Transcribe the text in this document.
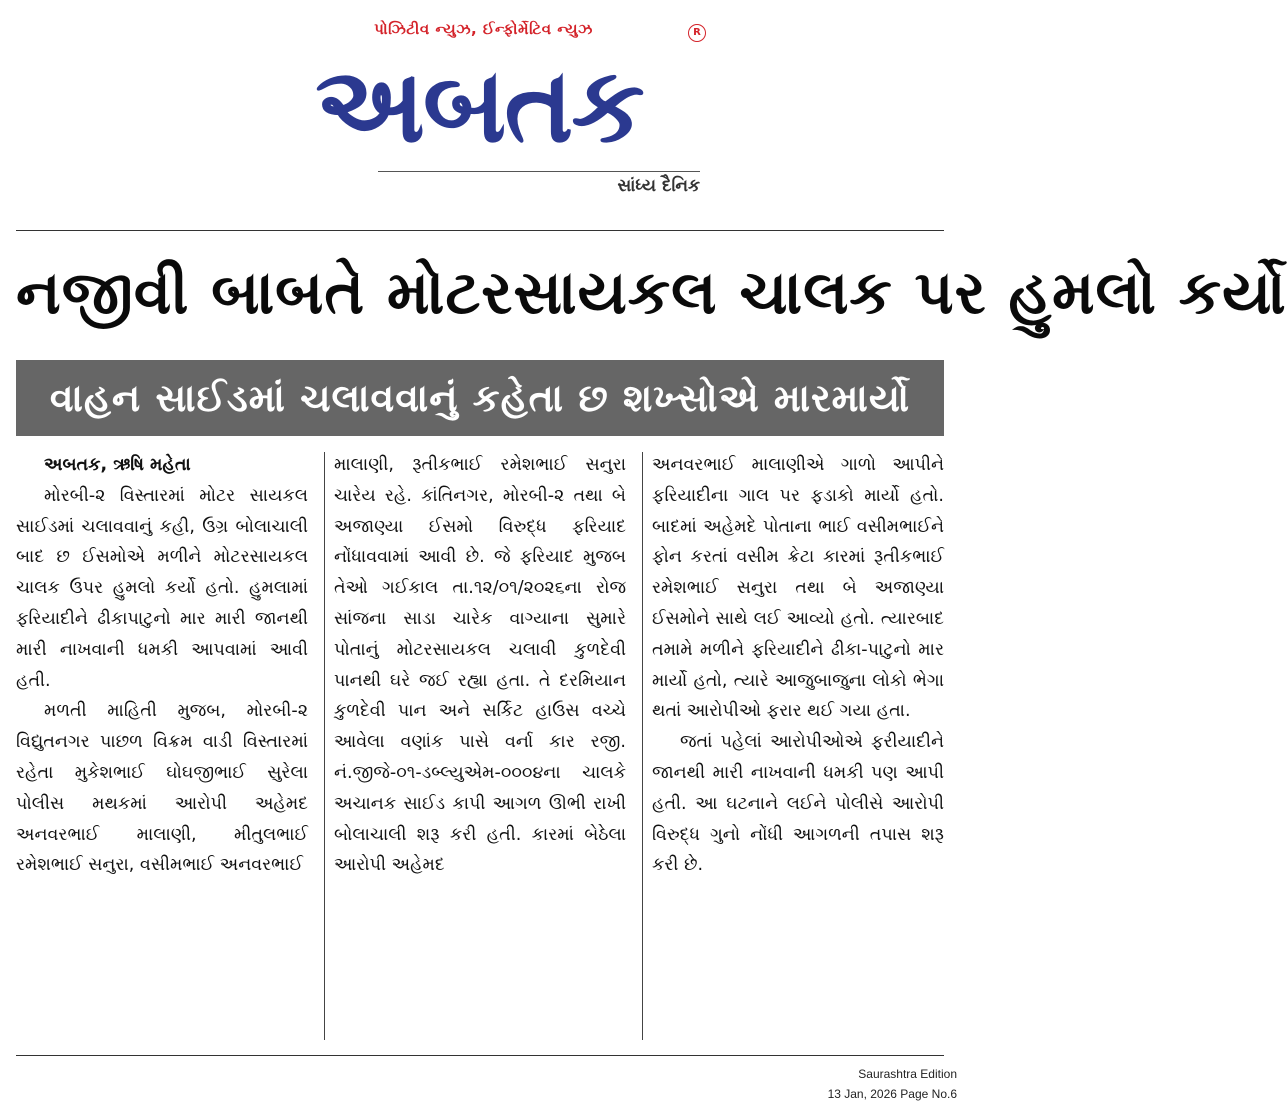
પોઝિટીવ ન્યુઝ, ઈન્ફોર્મેટિવ ન્યુઝ
અબતક
R
સાંધ્ય દૈનિક
નજીવી બાબતે મોટરસાયકલ ચાલક પર હુમલો કર્યો
વાહન સાઈડમાં ચલાવવાનું કહેતા છ શખ્સોએ મારમાર્યો

અબતક, ઋષિ મહેતા

મોરબી-૨ વિસ્તારમાં મોટર સાયકલ સાઈડમાં ચલાવવાનું કહી, ઉગ્ર બોલાચાલી બાદ છ ઈસમોએ મળીને મોટરસાયકલ ચાલક ઉપર હુમલો કર્યો હતો. હુમલામાં ફરિયાદીને ઢીકાપાટુનો માર મારી જાનથી મારી નાખવાની ધમકી આપવામાં આવી હતી.

મળતી માહિતી મુજબ, મોરબી-૨ વિદ્યુતનગર પાછળ વિક્રમ વાડી વિસ્તારમાં રહેતા મુકેશભાઈ ઘોઘજીભાઈ સુરેલા પોલીસ મથકમાં આરોપી અહેમદ અનવરભાઈ માલાણી, મીતુલભાઈ રમેશભાઈ સનુરા, વસીમભાઈ અનવરભાઈ

માલાણી, રૂતીકભાઈ રમેશભાઈ સનુરા ચારેય રહે. કાંતિનગર, મોરબી-૨ તથા બે અજાણ્યા ઈસમો વિરુદ્ધ ફરિયાદ નોંધાવવામાં આવી છે. જે ફરિયાદ મુજબ તેઓ ગઈકાલ તા.૧૨/૦૧/૨૦૨૬ના રોજ સાંજના સાડા ચારેક વાગ્યાના સુમારે પોતાનું મોટરસાયકલ ચલાવી કુળદેવી પાનથી ઘરે જઈ રહ્યા હતા. તે દરમિયાન કુળદેવી પાન અને સર્કિટ હાઉસ વચ્ચે આવેલા વણાંક પાસે વર્ના કાર રજી. નં.જીજે-૦૧-ડબ્લ્યુએમ-૦૦૦૪ના ચાલકે અચાનક સાઈડ કાપી આગળ ઊભી રાખી બોલાચાલી શરૂ કરી હતી. કારમાં બેઠેલા આરોપી અહેમદ

અનવરભાઈ માલાણીએ ગાળો આપીને ફરિયાદીના ગાલ પર ફડાકો માર્યો હતો. બાદમાં અહેમદે પોતાના ભાઈ વસીમભાઈને ફોન કરતાં વસીમ ક્રેટા કારમાં રૂતીકભાઈ રમેશભાઈ સનુરા તથા બે અજાણ્યા ઈસમોને સાથે લઈ આવ્યો હતો. ત્યારબાદ તમામે મળીને ફરિયાદીને ઢીકા-પાટુનો માર માર્યો હતો, ત્યારે આજુબાજુના લોકો ભેગા થતાં આરોપીઓ ફરાર થઈ ગયા હતા.

જતાં પહેલાં આરોપીઓએ ફરીયાદીને જાનથી મારી નાખવાની ધમકી પણ આપી હતી. આ ઘટનાને લઈને પોલીસે આરોપી વિરુદ્ધ ગુનો નોંધી આગળની તપાસ શરૂ કરી છે.

Saurashtra Edition
13 Jan, 2026 Page No.6
